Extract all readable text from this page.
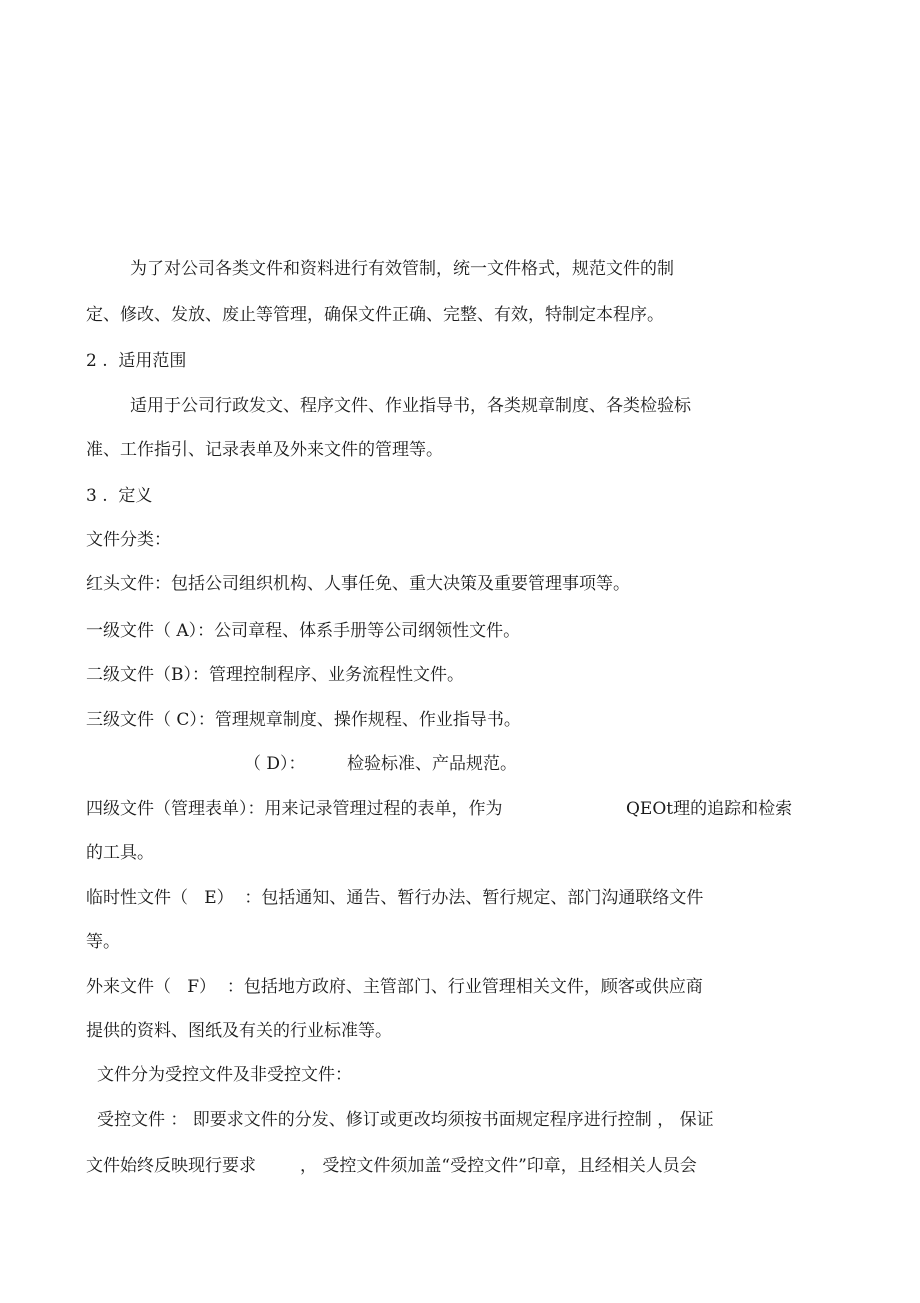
为了对公司各类文件和资料进行有效管制，统一文件格式，规范文件的制

定、修改、发放、废止等管理，确保文件正确、完整、有效，特制定本程序。

2 .  适用范围

适用于公司行政发文、程序文件、作业指导书，各类规章制度、各类检验标

准、工作指引、记录表单及外来文件的管理等。

3 .  定义

文件分类：

红头文件：包括公司组织机构、人事任免、重大决策及重要管理事项等。

一级文件（ A）：公司章程、体系手册等公司纲领性文件。

二级文件（B）：管理控制程序、业务流程性文件。

三级文件（ C）：管理规章制度、操作规程、作业指导书。

（ D）： 检验标准、产品规范。
四级文件（管理表单）：用来记录管理过程的表单，作为	QEOt理的追踪和检索

的工具。

临时性文件（   E）  ：包括通知、通告、暂行办法、暂行规定、部门沟通联络文件

等。

外来文件（   F）  ：包括地方政府、主管部门、行业管理相关文件，顾客或供应商

提供的资料、图纸及有关的行业标准等。

文件分为受控文件及非受控文件：

受控文件 ： 即要求文件的分发、修订或更改均须按书面规定程序进行控制 ， 保证

文件始终反映现行要求	， 受控文件须加盖“受控文件”印章，且经相关人员会
